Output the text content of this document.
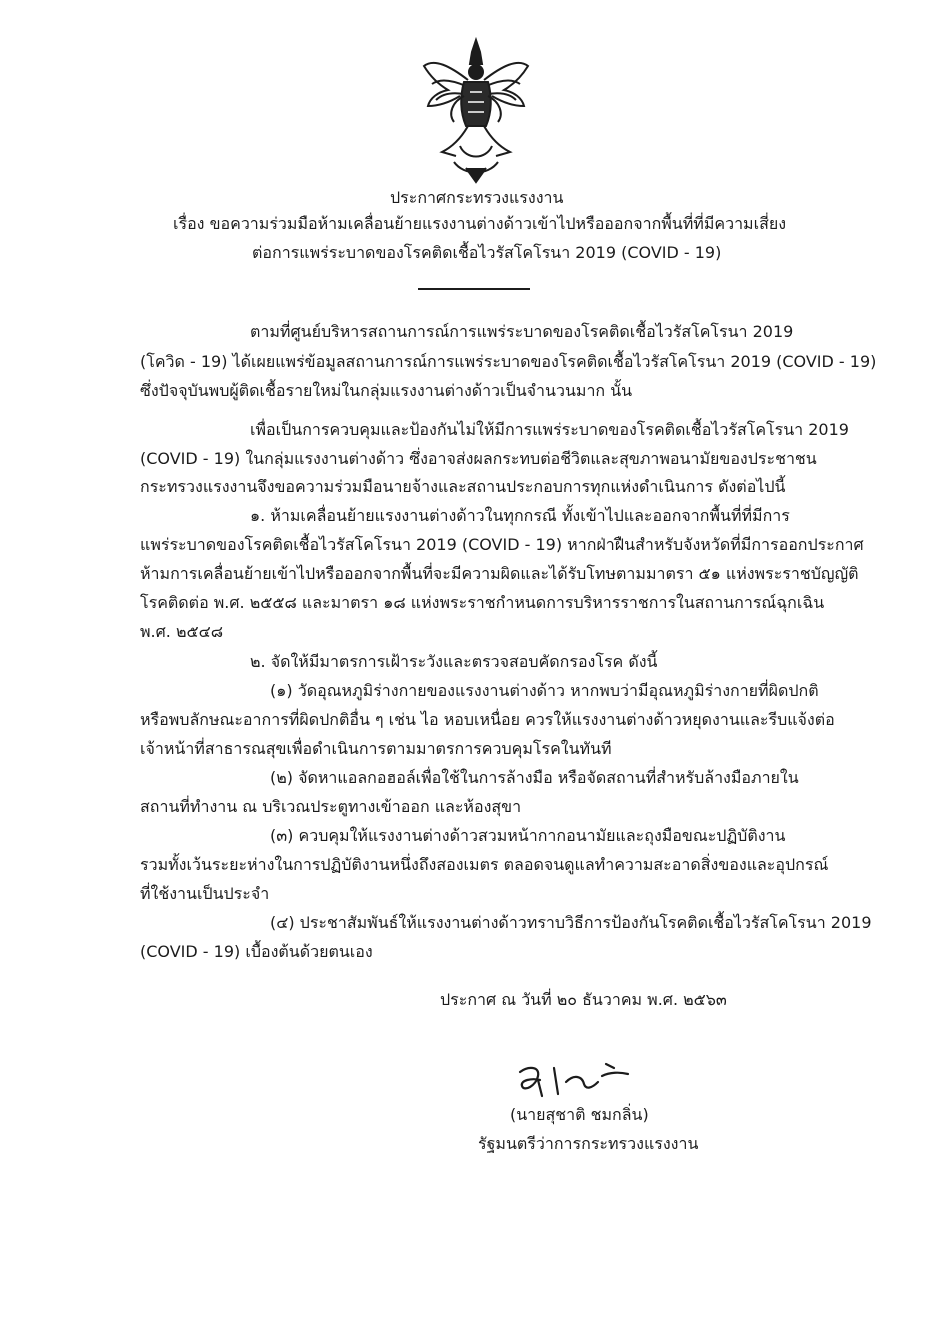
ประกาศกระทรวงแรงงาน
เรื่อง ขอความร่วมมือห้ามเคลื่อนย้ายแรงงานต่างด้าวเข้าไปหรือออกจากพื้นที่ที่มีความเสี่ยง
ต่อการแพร่ระบาดของโรคติดเชื้อไวรัสโคโรนา 2019 (COVID - 19)
ตามที่ศูนย์บริหารสถานการณ์การแพร่ระบาดของโรคติดเชื้อไวรัสโคโรนา 2019
(โควิด - 19) ได้เผยแพร่ข้อมูลสถานการณ์การแพร่ระบาดของโรคติดเชื้อไวรัสโคโรนา 2019 (COVID - 19)
ซึ่งปัจจุบันพบผู้ติดเชื้อรายใหม่ในกลุ่มแรงงานต่างด้าวเป็นจำนวนมาก นั้น
เพื่อเป็นการควบคุมและป้องกันไม่ให้มีการแพร่ระบาดของโรคติดเชื้อไวรัสโคโรนา 2019
(COVID - 19) ในกลุ่มแรงงานต่างด้าว ซึ่งอาจส่งผลกระทบต่อชีวิตและสุขภาพอนามัยของประชาชน
กระทรวงแรงงานจึงขอความร่วมมือนายจ้างและสถานประกอบการทุกแห่งดำเนินการ ดังต่อไปนี้
๑. ห้ามเคลื่อนย้ายแรงงานต่างด้าวในทุกกรณี ทั้งเข้าไปและออกจากพื้นที่ที่มีการ
แพร่ระบาดของโรคติดเชื้อไวรัสโคโรนา 2019 (COVID - 19) หากฝ่าฝืนสำหรับจังหวัดที่มีการออกประกาศ
ห้ามการเคลื่อนย้ายเข้าไปหรือออกจากพื้นที่จะมีความผิดและได้รับโทษตามมาตรา ๕๑ แห่งพระราชบัญญัติ
โรคติดต่อ พ.ศ. ๒๕๕๘ และมาตรา ๑๘ แห่งพระราชกำหนดการบริหารราชการในสถานการณ์ฉุกเฉิน
พ.ศ. ๒๕๔๘
๒. จัดให้มีมาตรการเฝ้าระวังและตรวจสอบคัดกรองโรค ดังนี้
(๑) วัดอุณหภูมิร่างกายของแรงงานต่างด้าว หากพบว่ามีอุณหภูมิร่างกายที่ผิดปกติ
หรือพบลักษณะอาการที่ผิดปกติอื่น ๆ เช่น ไอ หอบเหนื่อย ควรให้แรงงานต่างด้าวหยุดงานและรีบแจ้งต่อ
เจ้าหน้าที่สาธารณสุขเพื่อดำเนินการตามมาตรการควบคุมโรคในทันที
(๒) จัดหาแอลกอฮอล์เพื่อใช้ในการล้างมือ หรือจัดสถานที่สำหรับล้างมือภายใน
สถานที่ทำงาน ณ บริเวณประตูทางเข้าออก และห้องสุขา
(๓) ควบคุมให้แรงงานต่างด้าวสวมหน้ากากอนามัยและถุงมือขณะปฏิบัติงาน
รวมทั้งเว้นระยะห่างในการปฏิบัติงานหนึ่งถึงสองเมตร ตลอดจนดูแลทำความสะอาดสิ่งของและอุปกรณ์
ที่ใช้งานเป็นประจำ
(๔) ประชาสัมพันธ์ให้แรงงานต่างด้าวทราบวิธีการป้องกันโรคติดเชื้อไวรัสโคโรนา 2019
(COVID - 19) เบื้องต้นด้วยตนเอง
ประกาศ ณ วันที่ ๒๐ ธันวาคม พ.ศ. ๒๕๖๓
(นายสุชาติ ชมกลิ่น)
รัฐมนตรีว่าการกระทรวงแรงงาน
